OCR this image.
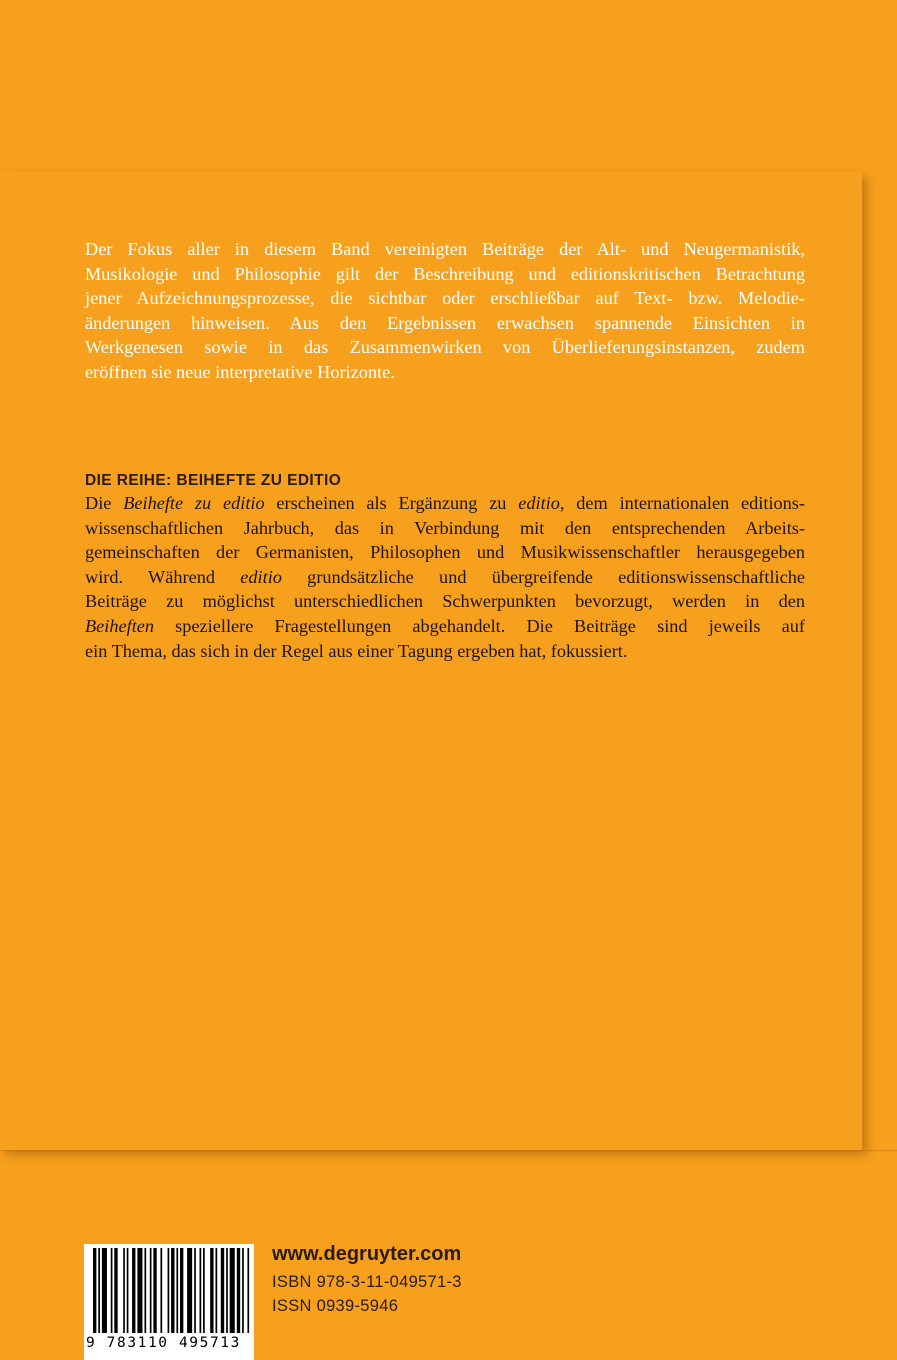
Der Fokus aller in diesem Band vereinigten Beiträge der Alt- und Neugermanistik,
Musikologie und Philosophie gilt der Beschreibung und editionskritischen Betrachtung
jener Aufzeichnungsprozesse, die sichtbar oder erschließbar auf Text- bzw. Melodie-
änderungen hinweisen. Aus den Ergebnissen erwachsen spannende Einsichten in
Werkgenesen sowie in das Zusammenwirken von Überlieferungsinstanzen, zudem
eröffnen sie neue interpretative Horizonte.
DIE REIHE: BEIHEFTE ZU EDITIO
Die Beihefte zu editio erscheinen als Ergänzung zu editio, dem internationalen editions-
wissenschaftlichen Jahrbuch, das in Verbindung mit den entsprechenden Arbeits-
gemeinschaften der Germanisten, Philosophen und Musikwissenschaftler herausgegeben
wird. Während editio grundsätzliche und übergreifende editionswissenschaftliche
Beiträge zu möglichst unterschiedlichen Schwerpunkten bevorzugt, werden in den
Beiheften speziellere Fragestellungen abgehandelt. Die Beiträge sind jeweils auf
ein Thema, das sich in der Regel aus einer Tagung ergeben hat, fokussiert.
9 783110 495713
www.degruyter.com
ISBN 978-3-11-049571-3
ISSN 0939-5946
